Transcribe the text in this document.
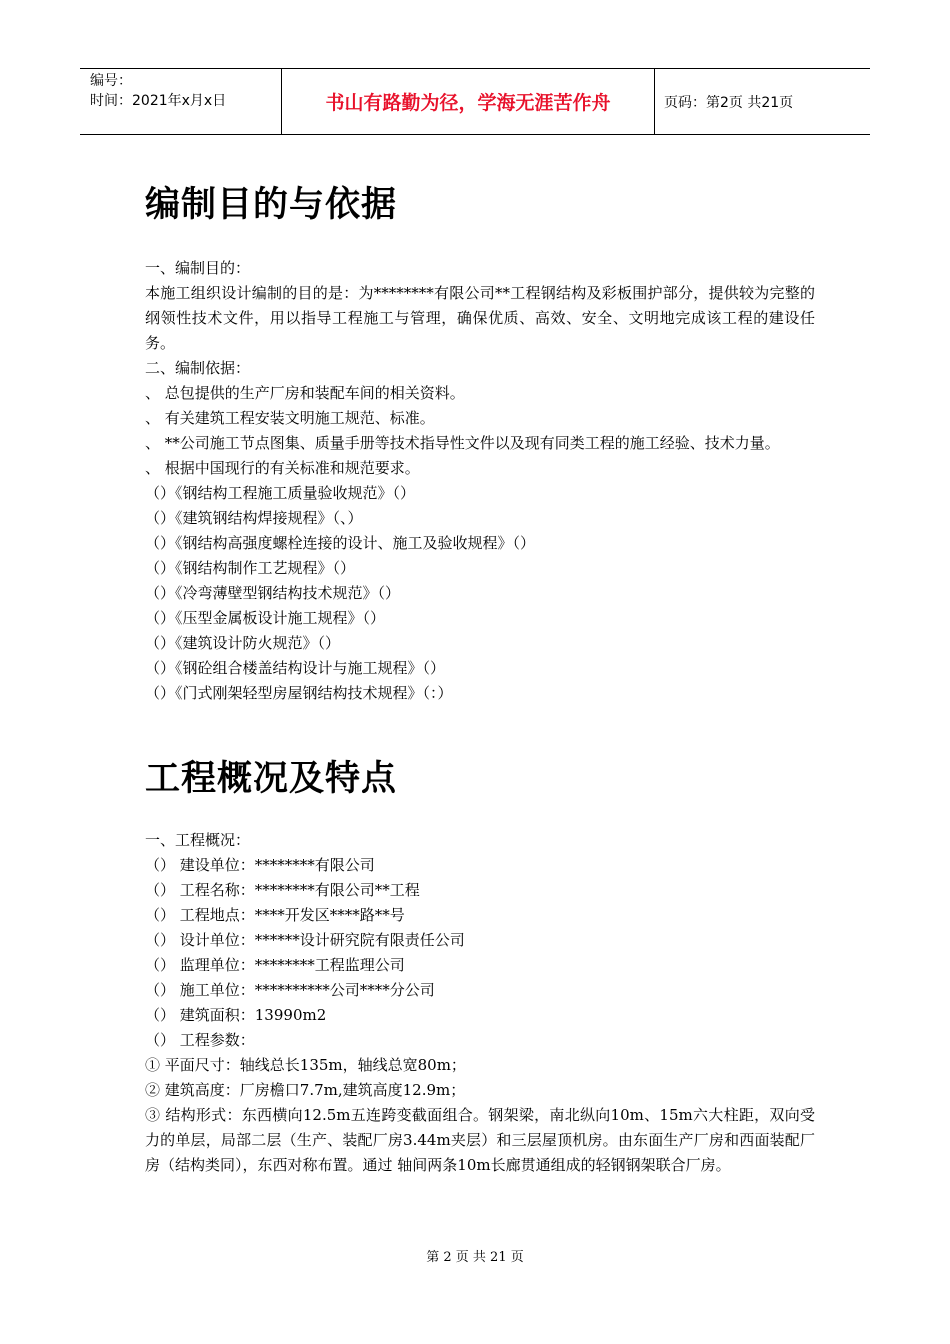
编号：
时间：2021年x月x日	书山有路勤为径，学海无涯苦作舟	页码：第2页 共21页
编制目的与依据

一、编制目的：

本施工组织设计编制的目的是：为********有限公司**工程钢结构及彩板围护部分，提供较为完整的纲领性技术文件，用以指导工程施工与管理，确保优质、高效、安全、文明地完成该工程的建设任务。

二、编制依据：

、 总包提供的生产厂房和装配车间的相关资料。

、 有关建筑工程安装文明施工规范、标准。

、 **公司施工节点图集、质量手册等技术指导性文件以及现有同类工程的施工经验、技术力量。

、 根据中国现行的有关标准和规范要求。

（）《钢结构工程施工质量验收规范》（）

（）《建筑钢结构焊接规程》（、）

（）《钢结构高强度螺栓连接的设计、施工及验收规程》（）

（）《钢结构制作工艺规程》（）

（）《冷弯薄壁型钢结构技术规范》（）

（）《压型金属板设计施工规程》（）

（）《建筑设计防火规范》（）

（）《钢砼组合楼盖结构设计与施工规程》（）

（）《门式刚架轻型房屋钢结构技术规程》（：）

工程概况及特点

一、工程概况：

（） 建设单位：********有限公司

（） 工程名称：********有限公司**工程

（） 工程地点：****开发区****路**号

（） 设计单位：******设计研究院有限责任公司

（） 监理单位：********工程监理公司

（） 施工单位：**********公司****分公司

（） 建筑面积：13990m2

（） 工程参数：

① 平面尺寸：轴线总长135m，轴线总宽80m；

② 建筑高度：厂房檐口7.7m,建筑高度12.9m；

③ 结构形式：东西横向12.5m五连跨变截面组合。钢架梁，南北纵向10m、15m六大柱距，双向受力的单层，局部二层（生产、装配厂房3.44m夹层）和三层屋顶机房。由东面生产厂房和西面装配厂房（结构类同），东西对称布置。通过 轴间两条10m长廊贯通组成的轻钢钢架联合厂房。

第 2 页 共 21 页
